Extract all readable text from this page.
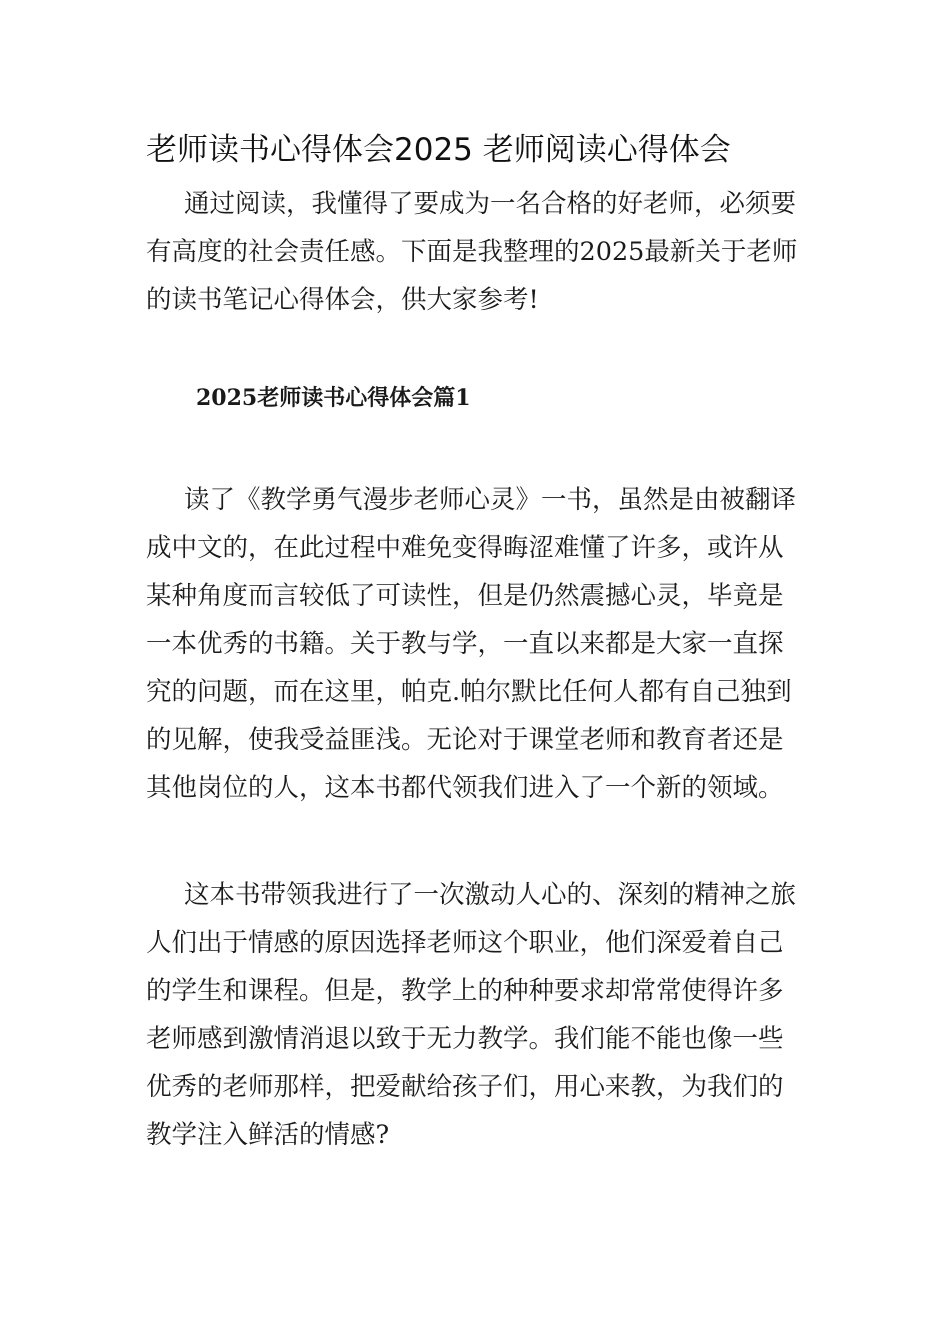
老师读书心得体会2025 老师阅读心得体会
通过阅读，我懂得了要成为一名合格的好老师，必须要
有高度的社会责任感。下面是我整理的2025最新关于老师
的读书笔记心得体会，供大家参考!
2025老师读书心得体会篇1
读了《教学勇气漫步老师心灵》一书，虽然是由被翻译
成中文的，在此过程中难免变得晦涩难懂了许多，或许从
某种角度而言较低了可读性，但是仍然震撼心灵，毕竟是
一本优秀的书籍。关于教与学，一直以来都是大家一直探
究的问题，而在这里，帕克.帕尔默比任何人都有自己独到
的见解，使我受益匪浅。无论对于课堂老师和教育者还是
其他岗位的人，这本书都代领我们进入了一个新的领域。
这本书带领我进行了一次激动人心的、深刻的精神之旅
人们出于情感的原因选择老师这个职业，他们深爱着自己
的学生和课程。但是，教学上的种种要求却常常使得许多
老师感到激情消退以致于无力教学。我们能不能也像一些
优秀的老师那样，把爱献给孩子们，用心来教，为我们的
教学注入鲜活的情感?
